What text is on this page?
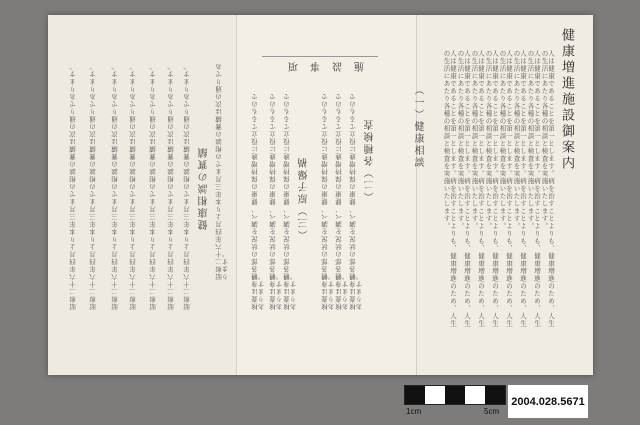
健康増進施設御案内
人は健康であることを第一とします。病を治すことよりも、健康増進のため、人生の生活にあたり各種の相談と検査を実施いたします。
人は健康であることを第一とします。病を治すことよりも、健康増進のため、人生の生活にあたり各種の相談と検査を実施いたします。
人は健康であることを第一とします。病を治すことよりも、健康増進のため、人生の生活にあたり各種の相談と検査を実施いたします。
人は健康であることを第一とします。病を治すことよりも、健康増進のため、人生の生活にあたり各種の相談と検査を実施いたします。
人は健康であることを第一とします。病を治すことよりも、健康増進のため、人生の生活にあたり各種の相談と検査を実施いたします。
人は健康であることを第一とします。病を治すことよりも、健康増進のため、人生の生活にあたり各種の相談と検査を実施いたします。
人は健康であることを第一とします。病を治すことよりも、健康増進のため、人生の生活にあたり各種の相談と検査を実施いたします。
人は健康であることを第一とします。病を治すことよりも、健康増進のため、人生の生活にあたり各種の相談と検査を実施いたします。
（一）健康相談
施設事項
（二）各種検査
検査は身體各部の状況を調べ、健康の保持増進に役立てるものであります。
検査は身體各部の状況を調べ、健康の保持増進に役立てるものであります。
検査は身體各部の状況を調べ、健康の保持増進に役立てるものであります。
（三）原子爆禍
検査は身體各部の状況を調べ、健康の保持増進に役立てるものであります。
検査は身體各部の状況を調べ、健康の保持増進に役立てるものであります。
検査は身體各部の状況を調べ、健康の保持増進に役立てるものであります。
健康相談の實績 昭和二十六年四月より本年三月までの相談の實績は次の通りであります。
昭和二十六年四月より本年三月までの相談の實績は次の通りであります。
昭和二十六年四月より本年三月までの相談の實績は次の通りであります。
昭和二十六年四月より本年三月までの相談の實績は次の通りであります。
昭和二十六年四月より本年三月までの相談の實績は次の通りであります。
昭和二十六年四月より本年三月までの相談の實績は次の通りであります。
昭和二十六年四月より本年三月までの相談の實績は次の通りであります。
昭和二十六年四月より本年三月までの相談の實績は次の通りであります。
1cm	5cm
2004.028.5671
